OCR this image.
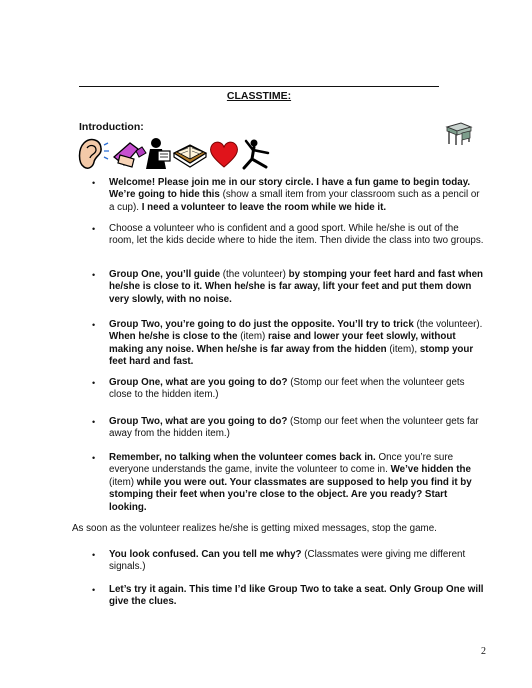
CLASSTIME:
Introduction:
• Welcome! Please join me in our story circle. I have a fun game to begin today. We’re going to hide this (show a small item from your classroom such as a pencil or a cup). I need a volunteer to leave the room while we hide it.
• Choose a volunteer who is confident and a good sport. While he/she is out of the room, let the kids decide where to hide the item. Then divide the class into two groups.
• Group One, you’ll guide (the volunteer) by stomping your feet hard and fast when he/she is close to it. When he/she is far away, lift your feet and put them down very slowly, with no noise.
• Group Two, you’re going to do just the opposite. You’ll try to trick (the volunteer). When he/she is close to the (item) raise and lower your feet slowly, without making any noise. When he/she is far away from the hidden (item), stomp your feet hard and fast.
• Group One, what are you going to do? (Stomp our feet when the volunteer gets close to the hidden item.)
• Group Two, what are you going to do? (Stomp our feet when the volunteer gets far away from the hidden item.)
• Remember, no talking when the volunteer comes back in. Once you’re sure everyone understands the game, invite the volunteer to come in. We’ve hidden the (item) while you were out. Your classmates are supposed to help you find it by stomping their feet when you’re close to the object. Are you ready? Start looking.
As soon as the volunteer realizes he/she is getting mixed messages, stop the game.
• You look confused. Can you tell me why? (Classmates were giving me different signals.)
• Let’s try it again. This time I’d like Group Two to take a seat. Only Group One will give the clues.
2
